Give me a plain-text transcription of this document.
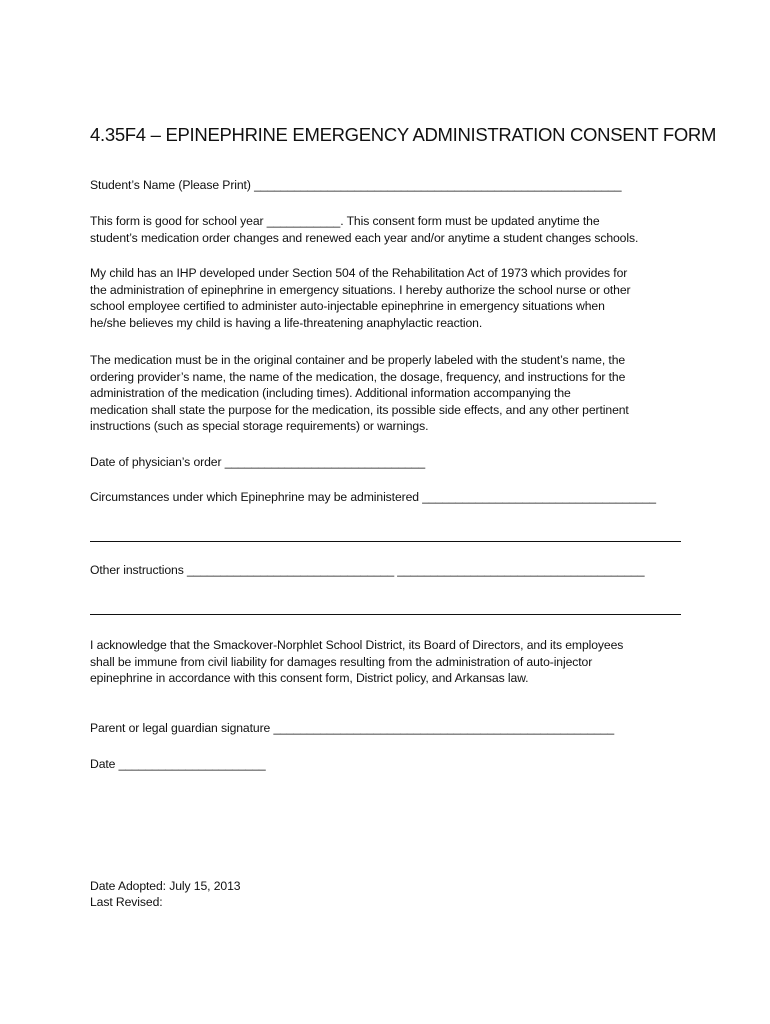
4.35F4 – EPINEPHRINE EMERGENCY ADMINISTRATION CONSENT FORM
Student’s Name (Please Print) _______________________________________________________
This form is good for school year ___________. This consent form must be updated anytime the
student’s medication order changes and renewed each year and/or anytime a student changes schools.
My child has an IHP developed under Section 504 of the Rehabilitation Act of 1973 which provides for
the administration of epinephrine in emergency situations. I hereby authorize the school nurse or other
school employee certified to administer auto-injectable epinephrine in emergency situations when
he/she believes my child is having a life-threatening anaphylactic reaction.
The medication must be in the original container and be properly labeled with the student’s name, the
ordering provider’s name, the name of the medication, the dosage, frequency, and instructions for the
administration of the medication (including times). Additional information accompanying the
medication shall state the purpose for the medication, its possible side effects, and any other pertinent
instructions (such as special storage requirements) or warnings.
Date of physician’s order ______________________________
Circumstances under which Epinephrine may be administered ___________________________________
Other instructions _______________________________ _____________________________________
I acknowledge that the Smackover-Norphlet School District, its Board of Directors, and its employees
shall be immune from civil liability for damages resulting from the administration of auto-injector
epinephrine in accordance with this consent form, District policy, and Arkansas law.
Parent or legal guardian signature ___________________________________________________
Date ______________________
Date Adopted: July 15, 2013
Last Revised:
